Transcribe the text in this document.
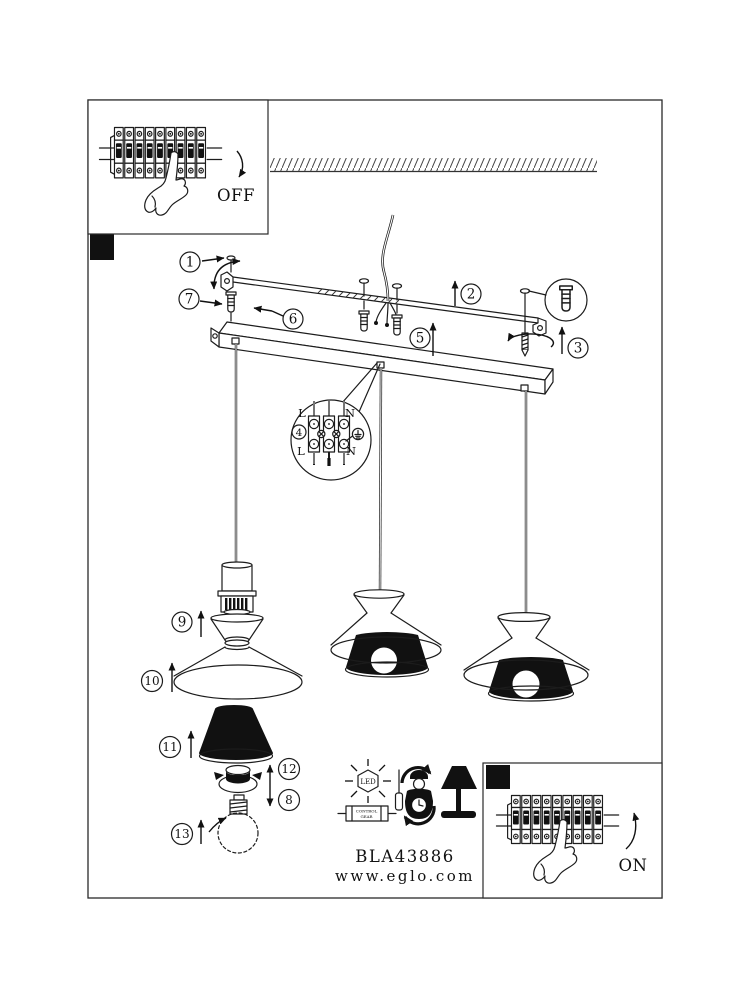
OFF
L	N
L	N
1
7	2
3
4
5
6
9
10
11
12
8
13
LED
CONTROL
GEAR
BLA43886
www.eglo.com
ON
